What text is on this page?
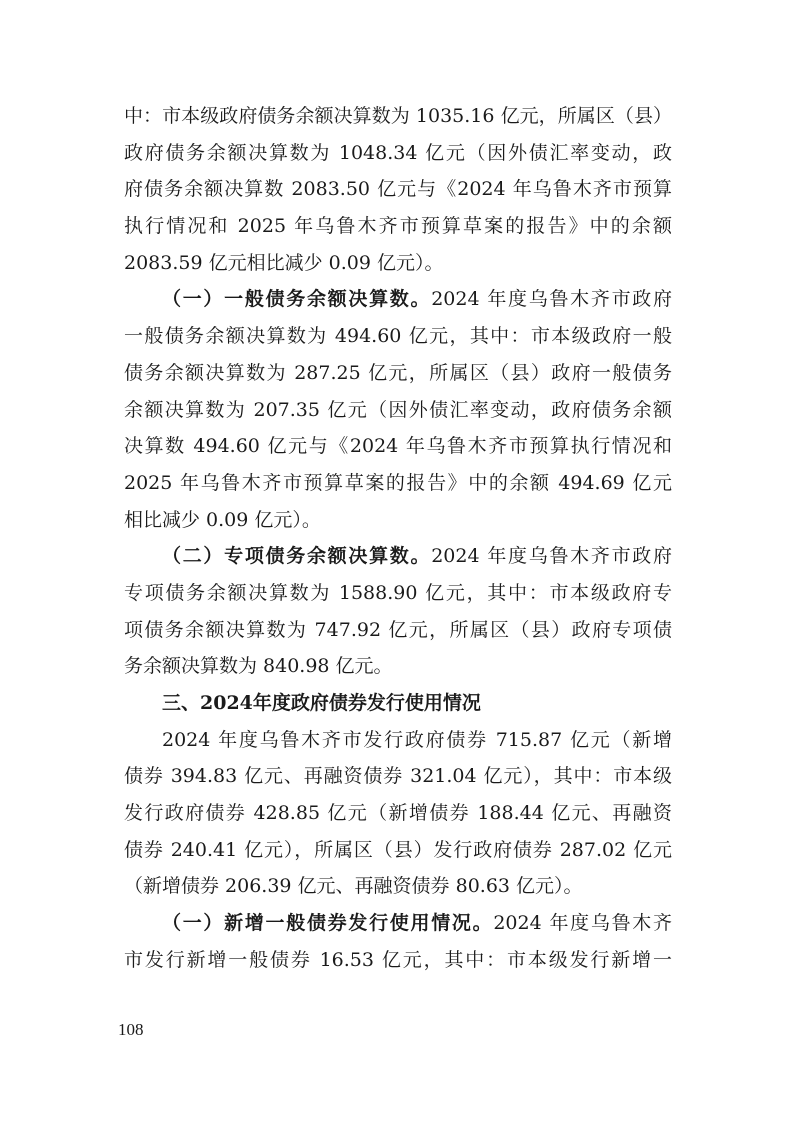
中：市本级政府债务余额决算数为 1035.16 亿元，所属区（县）
政府债务余额决算数为 1048.34 亿元（因外债汇率变动，政
府债务余额决算数 2083.50 亿元与《2024 年乌鲁木齐市预算
执行情况和 2025 年乌鲁木齐市预算草案的报告》中的余额
2083.59 亿元相比减少 0.09 亿元）。
（一）一般债务余额决算数。2024 年度乌鲁木齐市政府
一般债务余额决算数为 494.60 亿元，其中：市本级政府一般
债务余额决算数为 287.25 亿元，所属区（县）政府一般债务
余额决算数为 207.35 亿元（因外债汇率变动，政府债务余额
决算数 494.60 亿元与《2024 年乌鲁木齐市预算执行情况和
2025 年乌鲁木齐市预算草案的报告》中的余额 494.69 亿元
相比减少 0.09 亿元）。
（二）专项债务余额决算数。2024 年度乌鲁木齐市政府
专项债务余额决算数为 1588.90 亿元，其中：市本级政府专
项债务余额决算数为 747.92 亿元，所属区（县）政府专项债
务余额决算数为 840.98 亿元。
三、2024年度政府债券发行使用情况
2024 年度乌鲁木齐市发行政府债券 715.87 亿元（新增
债券 394.83 亿元、再融资债券 321.04 亿元），其中：市本级
发行政府债券 428.85 亿元（新增债券 188.44 亿元、再融资
债券 240.41 亿元），所属区（县）发行政府债券 287.02 亿元
（新增债券 206.39 亿元、再融资债券 80.63 亿元）。
（一）新增一般债券发行使用情况。2024 年度乌鲁木齐
市发行新增一般债券 16.53 亿元，其中：市本级发行新增一
108
